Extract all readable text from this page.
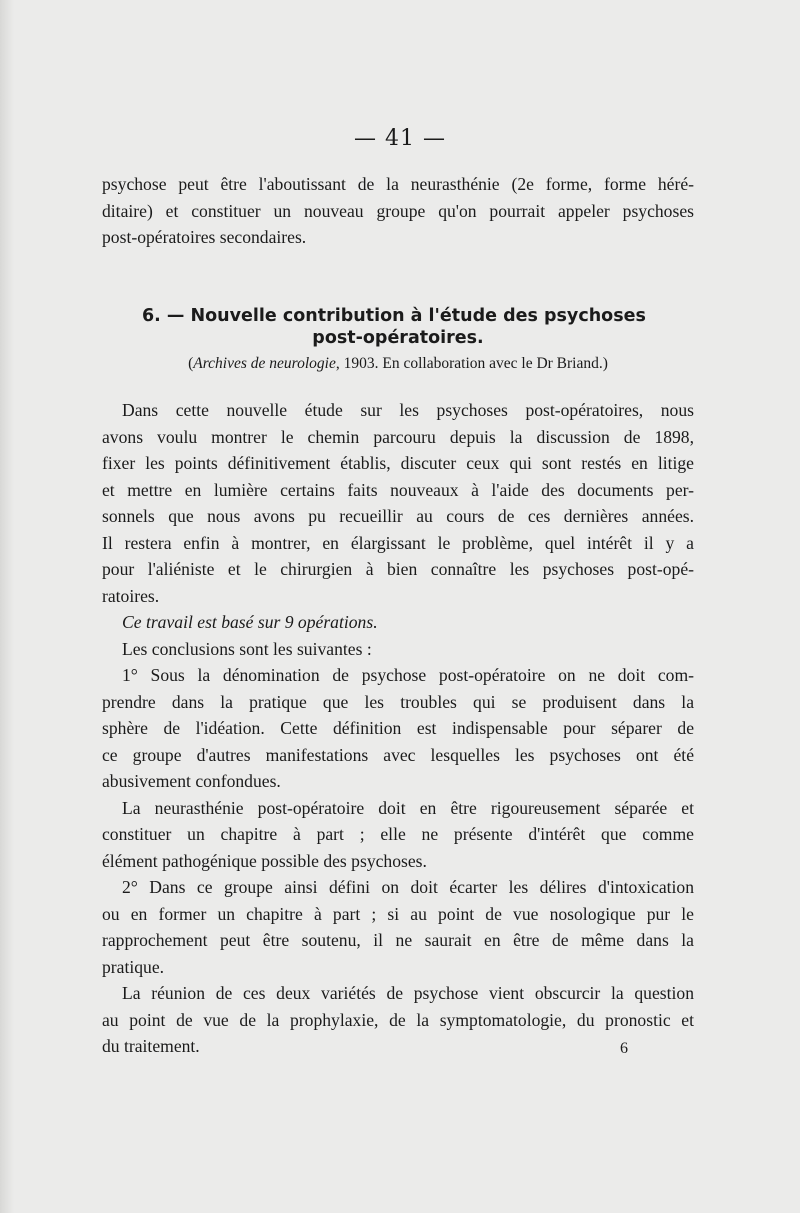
— 41 —
psychose peut être l'aboutissant de la neurasthénie (2e forme, forme héré-
ditaire) et constituer un nouveau groupe qu'on pourrait appeler psychoses
post-opératoires secondaires.
6. — Nouvelle contribution à l'étude des psychoses
post-opératoires.
(Archives de neurologie, 1903. En collaboration avec le Dr Briand.)
Dans cette nouvelle étude sur les psychoses post-opératoires, nous
avons voulu montrer le chemin parcouru depuis la discussion de 1898,
fixer les points définitivement établis, discuter ceux qui sont restés en litige
et mettre en lumière certains faits nouveaux à l'aide des documents per-
sonnels que nous avons pu recueillir au cours de ces dernières années.
Il restera enfin à montrer, en élargissant le problème, quel intérêt il y a
pour l'aliéniste et le chirurgien à bien connaître les psychoses post-opé-
ratoires.
Ce travail est basé sur 9 opérations.
Les conclusions sont les suivantes :
1° Sous la dénomination de psychose post-opératoire on ne doit com-
prendre dans la pratique que les troubles qui se produisent dans la
sphère de l'idéation. Cette définition est indispensable pour séparer de
ce groupe d'autres manifestations avec lesquelles les psychoses ont été
abusivement confondues.
La neurasthénie post-opératoire doit en être rigoureusement séparée et
constituer un chapitre à part ; elle ne présente d'intérêt que comme
élément pathogénique possible des psychoses.
2° Dans ce groupe ainsi défini on doit écarter les délires d'intoxication
ou en former un chapitre à part ; si au point de vue nosologique pur le
rapprochement peut être soutenu, il ne saurait en être de même dans la
pratique.
La réunion de ces deux variétés de psychose vient obscurcir la question
au point de vue de la prophylaxie, de la symptomatologie, du pronostic et
du traitement.	6
